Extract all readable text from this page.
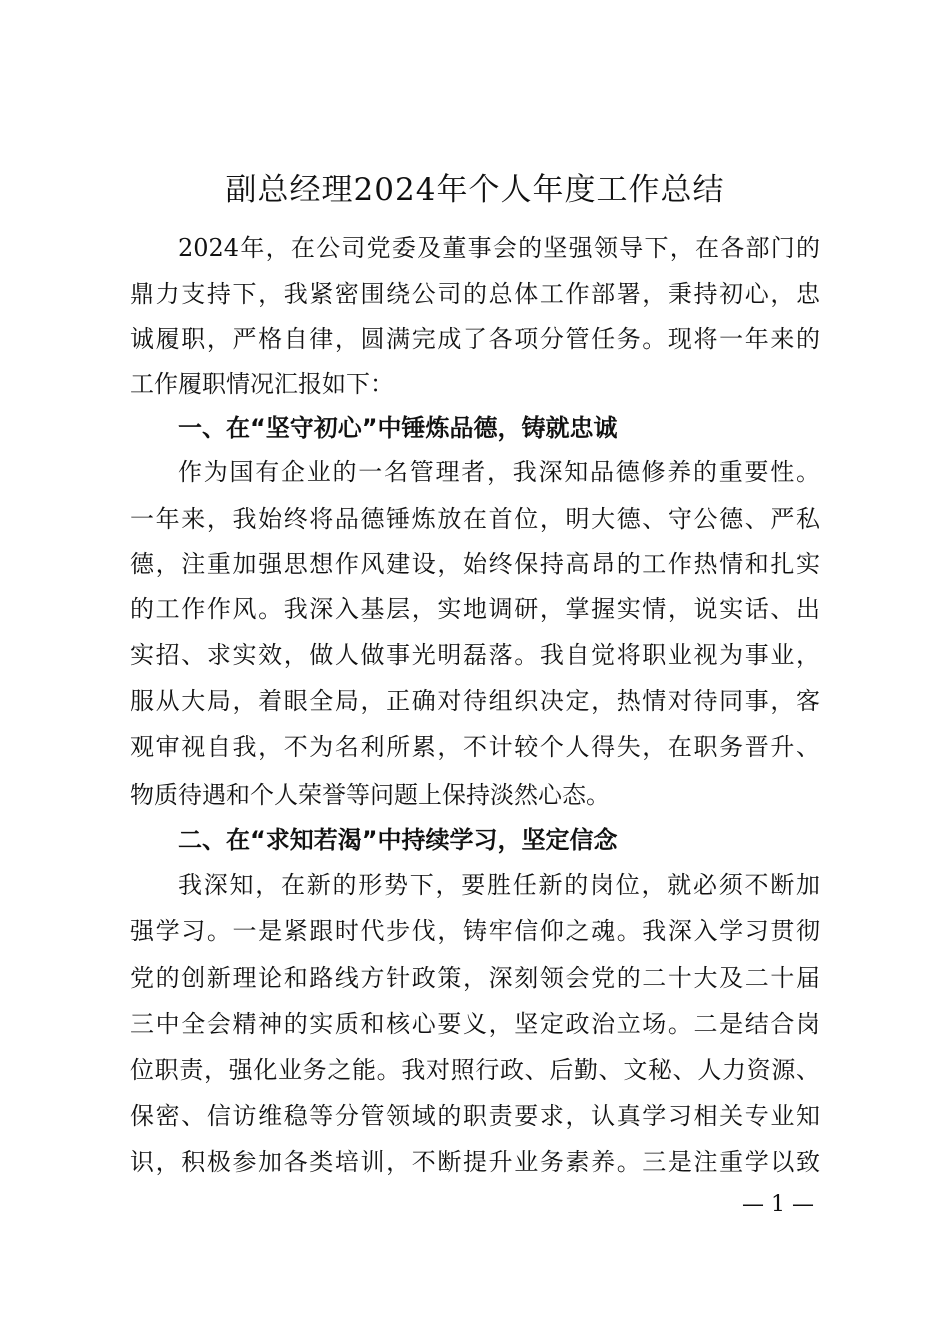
副总经理2024年个人年度工作总结
2024年，在公司党委及董事会的坚强领导下，在各部门的
鼎力支持下，我紧密围绕公司的总体工作部署，秉持初心，忠
诚履职，严格自律，圆满完成了各项分管任务。现将一年来的
工作履职情况汇报如下：
一、在“坚守初心”中锤炼品德，铸就忠诚
作为国有企业的一名管理者，我深知品德修养的重要性。
一年来，我始终将品德锤炼放在首位，明大德、守公德、严私
德，注重加强思想作风建设，始终保持高昂的工作热情和扎实
的工作作风。我深入基层，实地调研，掌握实情，说实话、出
实招、求实效，做人做事光明磊落。我自觉将职业视为事业，
服从大局，着眼全局，正确对待组织决定，热情对待同事，客
观审视自我，不为名利所累，不计较个人得失，在职务晋升、
物质待遇和个人荣誉等问题上保持淡然心态。
二、在“求知若渴”中持续学习，坚定信念
我深知，在新的形势下，要胜任新的岗位，就必须不断加
强学习。一是紧跟时代步伐，铸牢信仰之魂。我深入学习贯彻
党的创新理论和路线方针政策，深刻领会党的二十大及二十届
三中全会精神的实质和核心要义，坚定政治立场。二是结合岗
位职责，强化业务之能。我对照行政、后勤、文秘、人力资源、
保密、信访维稳等分管领域的职责要求，认真学习相关专业知
识，积极参加各类培训，不断提升业务素养。三是注重学以致
— 1 —
